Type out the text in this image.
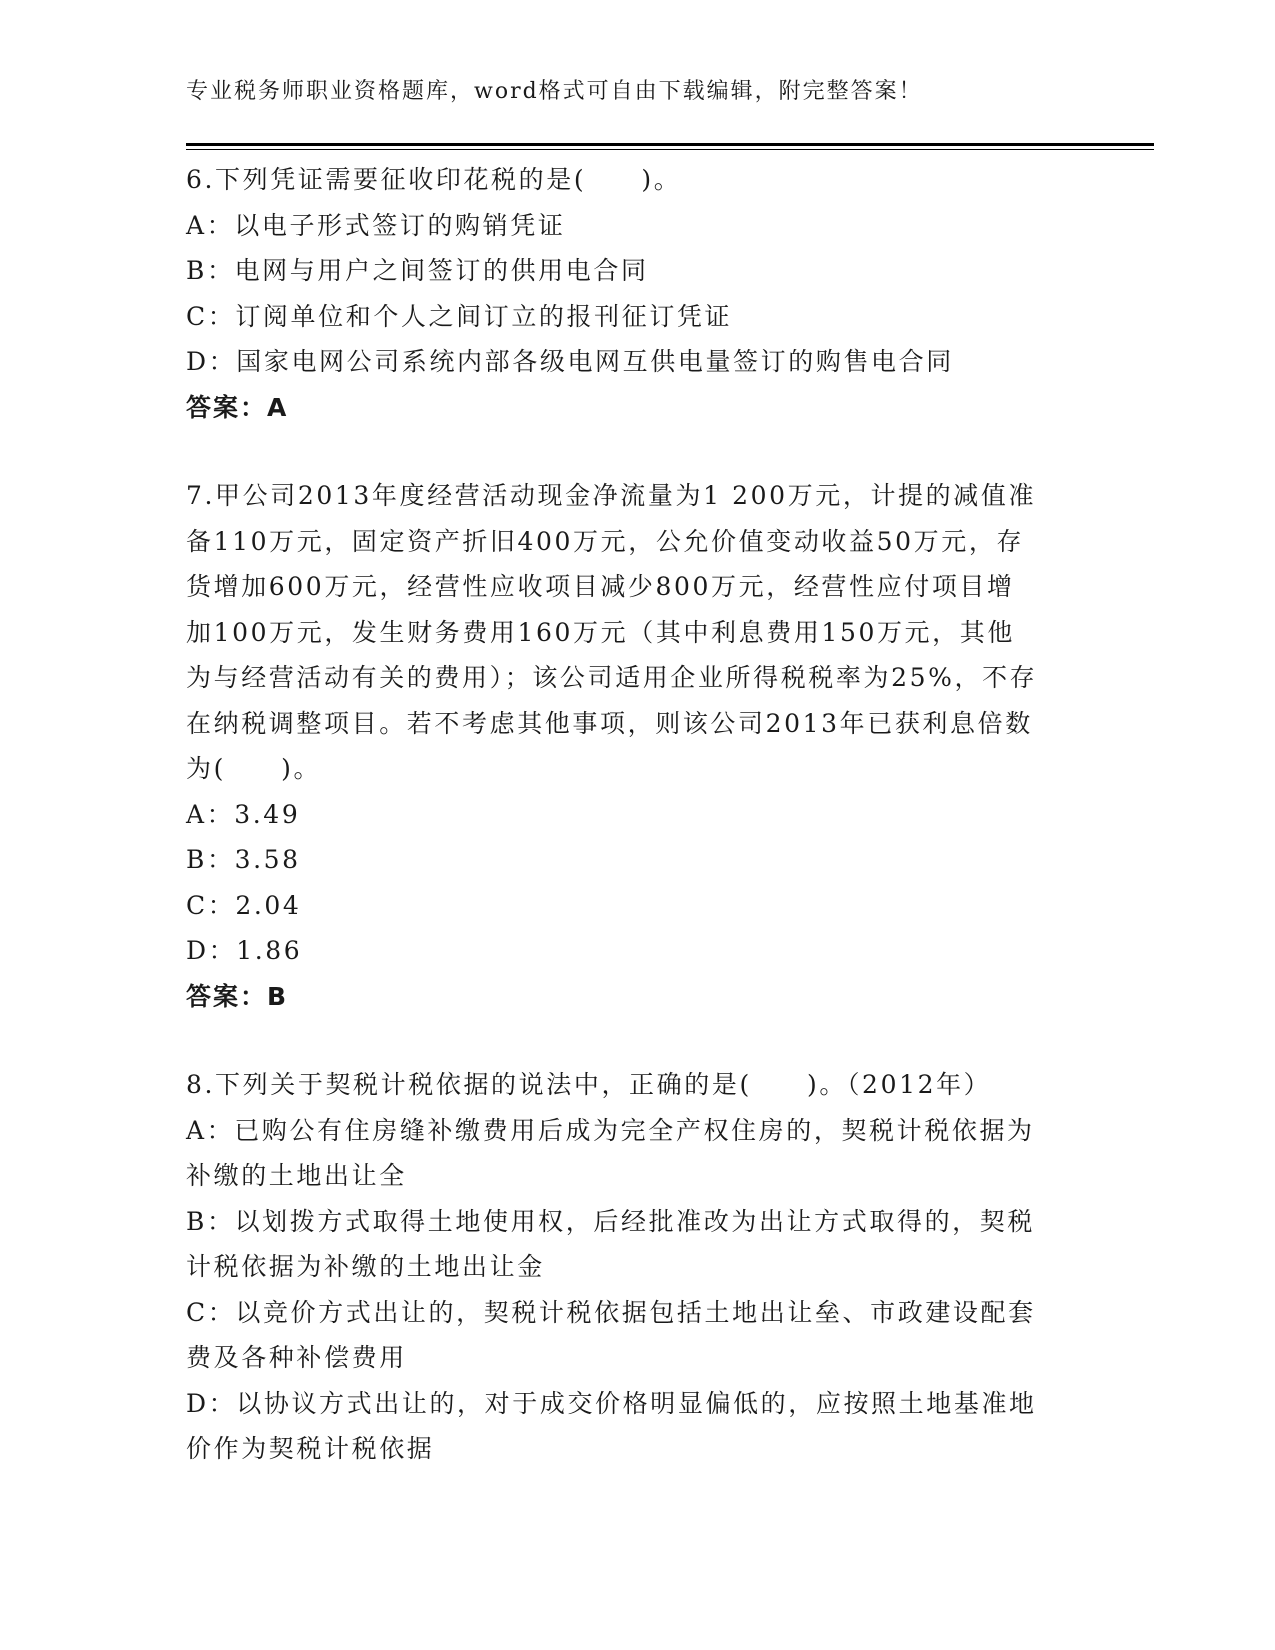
专业税务师职业资格题库，word格式可自由下载编辑，附完整答案！
6.下列凭证需要征收印花税的是(　　)。
A：以电子形式签订的购销凭证
B：电网与用户之间签订的供用电合同
C：订阅单位和个人之间订立的报刊征订凭证
D：国家电网公司系统内部各级电网互供电量签订的购售电合同
答案：A
7.甲公司2013年度经营活动现金净流量为1 200万元，计提的减值准
备110万元，固定资产折旧400万元，公允价值变动收益50万元，存
货增加600万元，经营性应收项目减少800万元，经营性应付项目增
加100万元，发生财务费用160万元（其中利息费用150万元，其他
为与经营活动有关的费用）；该公司适用企业所得税税率为25%，不存
在纳税调整项目。若不考虑其他事项，则该公司2013年已获利息倍数
为(　　)。
A：3.49
B：3.58
C：2.04
D：1.86
答案：B
8.下列关于契税计税依据的说法中，正确的是(　　)。（2012年）
A：已购公有住房缝补缴费用后成为完全产权住房的，契税计税依据为
补缴的土地出让全
B：以划拨方式取得土地使用权，后经批准改为出让方式取得的，契税
计税依据为补缴的土地出让金
C：以竞价方式出让的，契税计税依据包括土地出让垒、市政建设配套
费及各种补偿费用
D：以协议方式出让的，对于成交价格明显偏低的，应按照土地基准地
价作为契税计税依据
